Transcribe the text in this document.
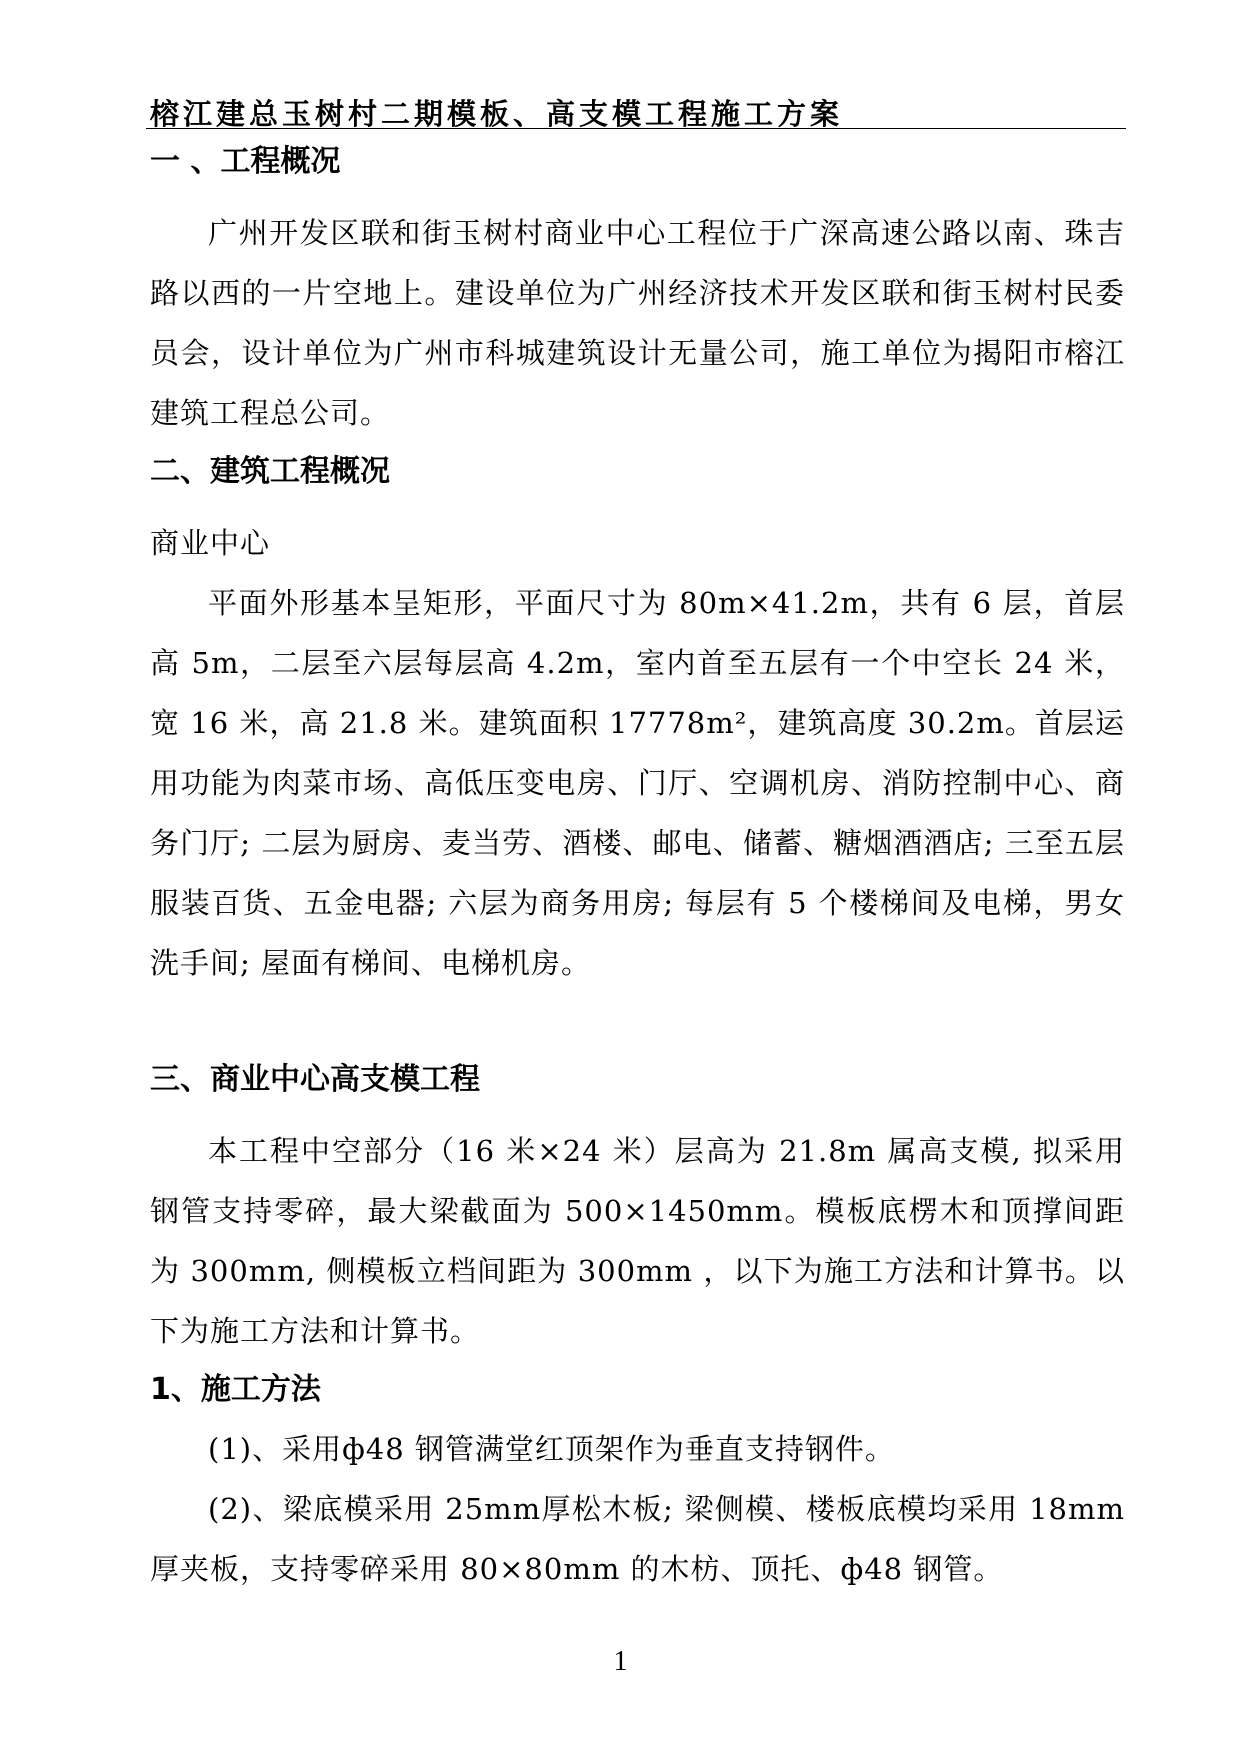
榕江建总玉树村二期模板、高支模工程施工方案
一 、工程概况

广州开发区联和街玉树村商业中心工程位于广深高速公路以南、珠吉路以西的一片空地上。建设单位为广州经济技术开发区联和街玉树村民委员会，设计单位为广州市科城建筑设计无量公司，施工单位为揭阳市榕江建筑工程总公司。

二、建筑工程概况

商业中心

平面外形基本呈矩形，平面尺寸为 80m×41.2m，共有 6 层，首层高 5m，二层至六层每层高 4.2m，室内首至五层有一个中空长 24 米，宽 16 米，高 21.8 米。建筑面积 17778m²，建筑高度 30.2m。首层运用功能为肉菜市场、高低压变电房、门厅、空调机房、消防控制中心、商务门厅; 二层为厨房、麦当劳、酒楼、邮电、储蓄、糖烟酒酒店; 三至五层服装百货、五金电器; 六层为商务用房; 每层有 5 个楼梯间及电梯，男女洗手间; 屋面有梯间、电梯机房。

三、商业中心高支模工程

本工程中空部分（16 米×24 米）层高为 21.8m 属高支模, 拟采用钢管支持零碎，最大梁截面为 500×1450mm。模板底楞木和顶撑间距为 300mm, 侧模板立档间距为 300mm ，以下为施工方法和计算书。以下为施工方法和计算书。

1、施工方法

(1)、采用ф48 钢管满堂红顶架作为垂直支持钢件。

(2)、梁底模采用 25mm厚松木板; 梁侧模、楼板底模均采用 18mm 厚夹板，支持零碎采用 80×80mm 的木枋、顶托、ф48 钢管。

1
